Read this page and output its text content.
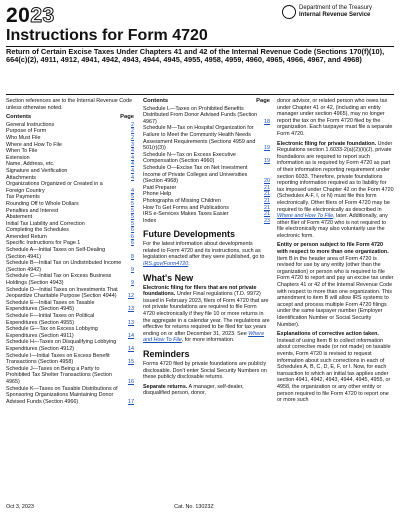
2023	Department of the Treasury
Internal Revenue Service
Instructions for Form 4720
Return of Certain Excise Taxes Under Chapters 41 and 42 of the Internal Revenue Code (Sections 170(f)(10), 664(c)(2), 4911, 4912, 4941, 4942, 4943, 4944, 4945, 4955, 4958, 4959, 4960, 4965, 4966, 4967, and 4968)
Section references are to the Internal Revenue Code unless otherwise noted.
Contents	Page
General Instructions	2
Purpose of Form	2
Who Must File	2
Where and How To File	3
When To File	4
Extension	4
Name, Address, etc.	4
Signature and Verification	4
Attachments	4
Organizations Organized or Created in a Foreign Country	4
Tax Payments	5
Rounding Off to Whole Dollars	5
Penalties and Interest	5
Abatement	5
Initial Tax Liability and Correction	5
Completing the Schedules	6
Amended Return	6
Specific Instructions for Page 1	6
Schedule A—Initial Taxes on Self-Dealing (Section 4941)	8
Schedule B—Initial Tax on Undistributed Income (Section 4942)	9
Schedule C—Initial Tax on Excess Business Holdings (Section 4943)	9
Schedule D—Initial Taxes on Investments That Jeopardize Charitable Purpose (Section 4944)	12
Schedule E—Initial Taxes on Taxable Expenditures (Section 4945)	13
Schedule F—Initial Taxes on Political Expenditures (Section 4955)	13
Schedule G—Tax on Excess Lobbying Expenditures (Section 4911)	14
Schedule H—Taxes on Disqualifying Lobbying Expenditures (Section 4912)	14
Schedule I—Initial Taxes on Excess Benefit Transactions (Section 4958)	15
Schedule J—Taxes on Being a Party to Prohibited Tax Shelter Transactions (Section 4965)	16
Schedule K—Taxes on Taxable Distributions of Sponsoring Organizations Maintaining Donor Advised Funds (Section 4966)	17
Contents	Page
Schedule L—Taxes on Prohibited Benefits Distributed From Donor Advised Funds (Section 4967)	18
Schedule M—Tax on Hospital Organization for Failure to Meet the Community Health Needs Assessment Requirements (Sections 4959 and 501(r)(3))	19
Schedule N—Tax on Excess Executive Compensation (Section 4960)	19
Schedule O—Excise Tax on Net Investment Income of Private Colleges and Universities (Section 4968)	20
Paid Preparer	21
Phone Help	21
Photographs of Missing Children	21
How To Get Forms and Publications	21
IRS e-Services Makes Taxes Easier	21
Index	23
Future Developments

For the latest information about developments related to Form 4720 and its instructions, such as legislation enacted after they were published, go to IRS.gov/Form4720.

What's New

Electronic filing for filers that are not private foundations. Under Final regulations (T.D. 9972) issued in February 2023, filers of Form 4720 that are not private foundations are required to file Form 4720 electronically if they file 10 or more returns in the aggregate in a calendar year. The regulations are effective for returns required to be filed for tax years ending on or after December 31, 2023. See Where and How To File, for more information.

Reminders

Forms 4720 filed by private foundations are publicly disclosable. Don't enter Social Security Numbers on these publicly disclosable returns.

Separate returns. A manager, self-dealer, disqualified person, donor,

donor advisor, or related person who owes tax under Chapter 41 or 42, (including an entity manager under section 4965), may no longer report the tax on the Form 4720 filed by the organization. Each taxpayer must file a separate Form 4720.

Electronic filing for private foundation. Under Regulations section 1.6033-2(a)(2)(ii)(J), private foundations are required to report such information as is required by Form 4720 as part of their information reporting requirement under section 6033. Therefore, private foundations reporting information required as to liability for tax imposed under Chapter 42 on the Form 4720 (Schedules A-F, I, or N) must file this form electronically. Other filers of Form 4720 may be required to file electronically as described in Where and How To File, later. Additionally, any other filer of Form 4720 who is not required to file electronically may also voluntarily use the electronic form.

Entity or person subject to file Form 4720 with respect to more than one organization. Item B in the header area of Form 4720 is revised for use by any entity (other than the organization) or person who is required to file Form 4720 to report and pay an excise tax under Chapters 41 or 42 of the Internal Revenue Code with respect to more than one organization. This amendment to item B will allow IRS systems to accept and process multiple Form 4720 filings under the same taxpayer number (Employer Identification Number or Social Security Number).

Explanations of corrective action taken. Instead of using Item B to collect information about corrective made (or not made) on taxable events, Form 4720 is revised to request information about such corrections in each of Schedules A, B, C, D, E, F, or I. Now, for each transaction to which an initial tax applies under section 4941, 4942, 4943, 4944, 4945, 4955, or 4958, the organization or any other entity or person required to file Form 4720 to report one or more such

Oct 3, 2023	Cat. No. 13023Z
